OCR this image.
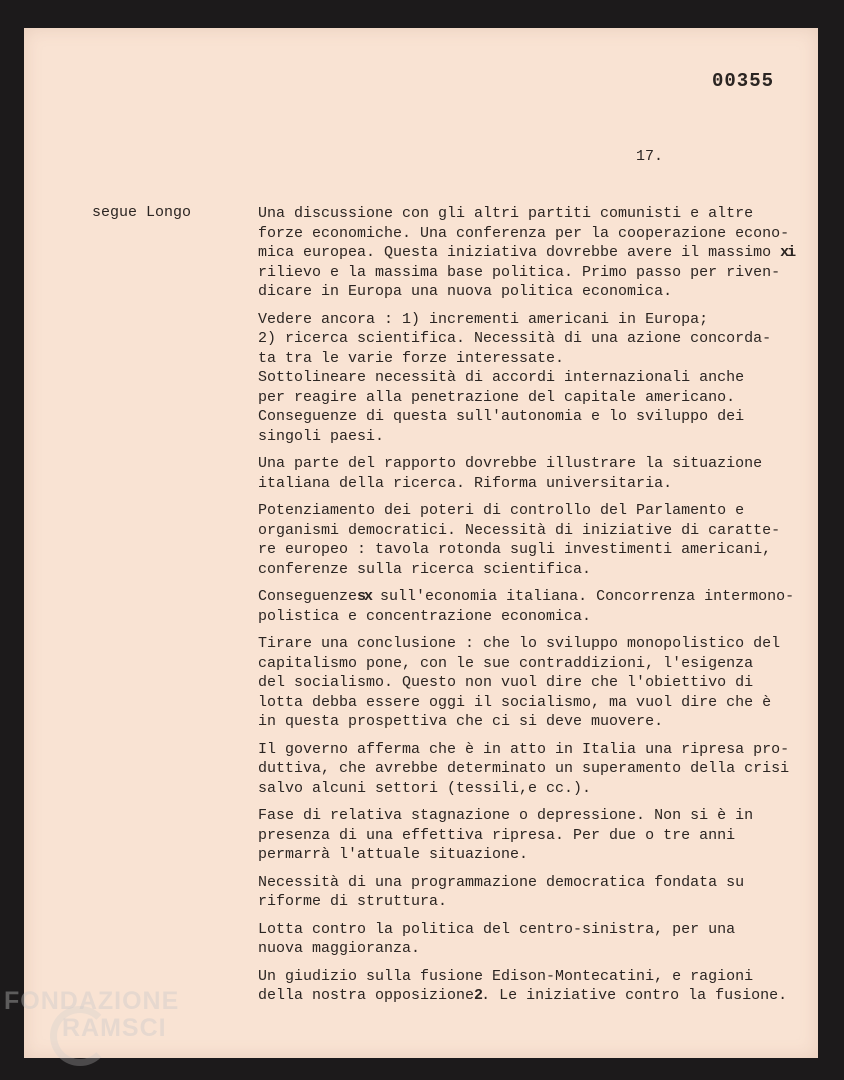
00355
17.
segue Longo	Una discussione con gli altri partiti comunisti e altre
forze economiche. Una conferenza per la cooperazione econo-
mica europea. Questa iniziativa dovrebbe avere il massimo xi
rilievo e la massima base politica. Primo passo per riven-
dicare in Europa una nuova politica economica.
Vedere ancora : 1) incrementi americani in Europa;
2) ricerca scientifica. Necessità di una azione concorda-
ta tra le varie forze interessate.
Sottolineare necessità di accordi internazionali anche
per reagire alla penetrazione del capitale americano.
Conseguenze di questa sull'autonomia e lo sviluppo dei
singoli paesi.
Una parte del rapporto dovrebbe illustrare la situazione
italiana della ricerca. Riforma universitaria.
Potenziamento dei poteri di controllo del Parlamento e
organismi democratici. Necessità di iniziative di caratte-
re europeo : tavola rotonda sugli investimenti americani,
conferenze sulla ricerca scientifica.
Conseguenzesx sull'economia italiana. Concorrenza intermono-
polistica e concentrazione economica.
Tirare una conclusione : che lo sviluppo monopolistico del
capitalismo pone, con le sue contraddizioni, l'esigenza
del socialismo. Questo non vuol dire che l'obiettivo di
lotta debba essere oggi il socialismo, ma vuol dire che è
in questa prospettiva che ci si deve muovere.
Il governo afferma che è in atto in Italia una ripresa pro-
duttiva, che avrebbe determinato un superamento della crisi
salvo alcuni settori (tessili,e cc.).
Fase di relativa stagnazione o depressione. Non si è in
presenza di una effettiva ripresa. Per due o tre anni
permarrà l'attuale situazione.
Necessità di una programmazione democratica fondata su
riforme di struttura.
Lotta contro la politica del centro-sinistra, per una
nuova maggioranza.
Un giudizio sulla fusione Edison-Montecatini, e ragioni
della nostra opposizione2. Le iniziative contro la fusione.
FONDAZIONE
RAMSCI
